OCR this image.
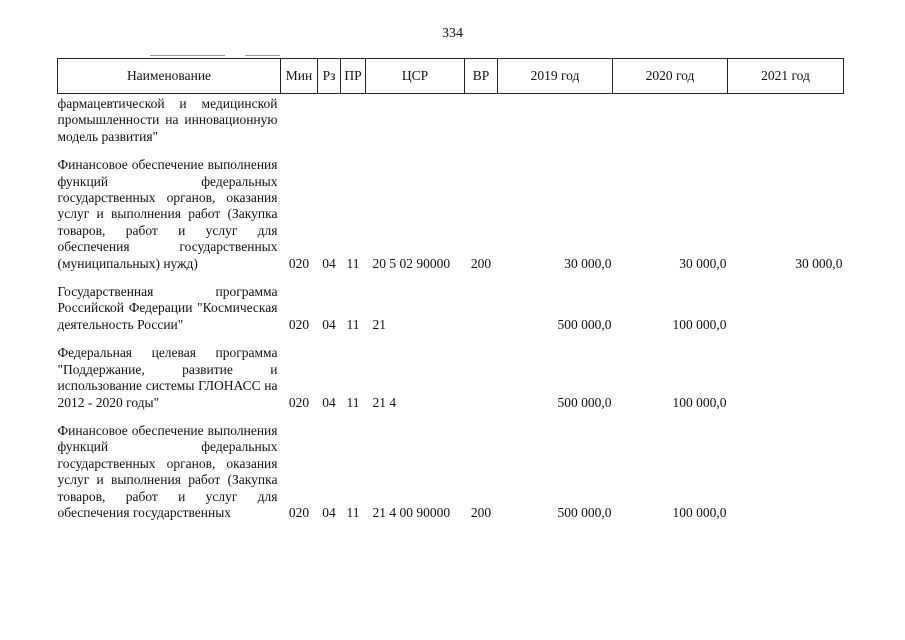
334
Наименование	Мин	Рз	ПР	ЦСР	ВР	2019 год	2020 год	2021 год
фармацевтической и медицинской промышленности на инновационную модель развития"								

Финансовое обеспечение выполнения функций федеральных государственных органов, оказания услуг и выполнения работ (Закупка товаров, работ и услуг для обеспечения государственных (муниципальных) нужд)	020	04	11	20 5 02 90000	200	30 000,0	30 000,0	30 000,0

Государственная программа Российской Федерации "Космическая деятельность России"	020	04	11	21		500 000,0	100 000,0	

Федеральная целевая программа "Поддержание, развитие и использование системы ГЛОНАСС на 2012 - 2020 годы"	020	04	11	21 4		500 000,0	100 000,0	

Финансовое обеспечение выполнения функций федеральных государственных органов, оказания услуг и выполнения работ (Закупка товаров, работ и услуг для обеспечения государственных	020	04	11	21 4 00 90000	200	500 000,0	100 000,0	
